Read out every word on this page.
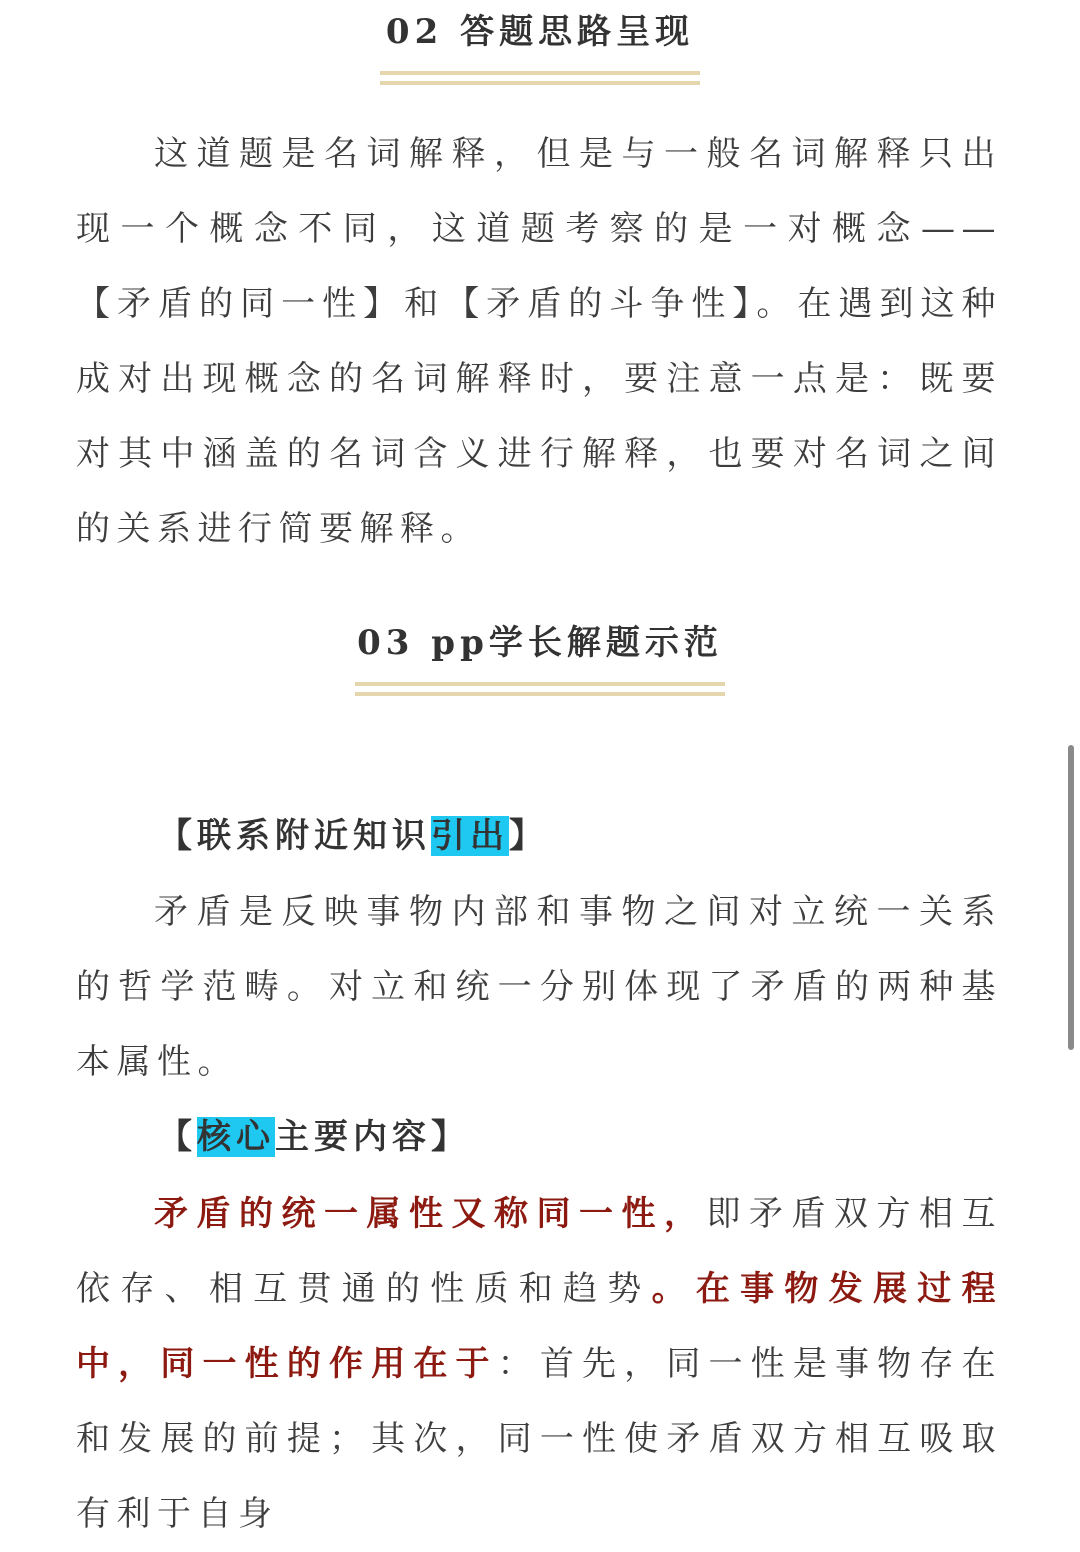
02 答题思路呈现
这道题是名词解释，但是与一般名词解释只出现一个概念不同，这道题考察的是一对概念——【矛盾的同一性】和【矛盾的斗争性】。在遇到这种成对出现概念的名词解释时，要注意一点是：既要对其中涵盖的名词含义进行解释，也要对名词之间的关系进行简要解释。
03 pp学长解题示范
【联系附近知识引出】
矛盾是反映事物内部和事物之间对立统一关系的哲学范畴。对立和统一分别体现了矛盾的两种基本属性。
【核心主要内容】
矛盾的统一属性又称同一性，即矛盾双方相互依存、相互贯通的性质和趋势。在事物发展过程中，同一性的作用在于：首先，同一性是事物存在和发展的前提；其次，同一性使矛盾双方相互吸取有利于自身
